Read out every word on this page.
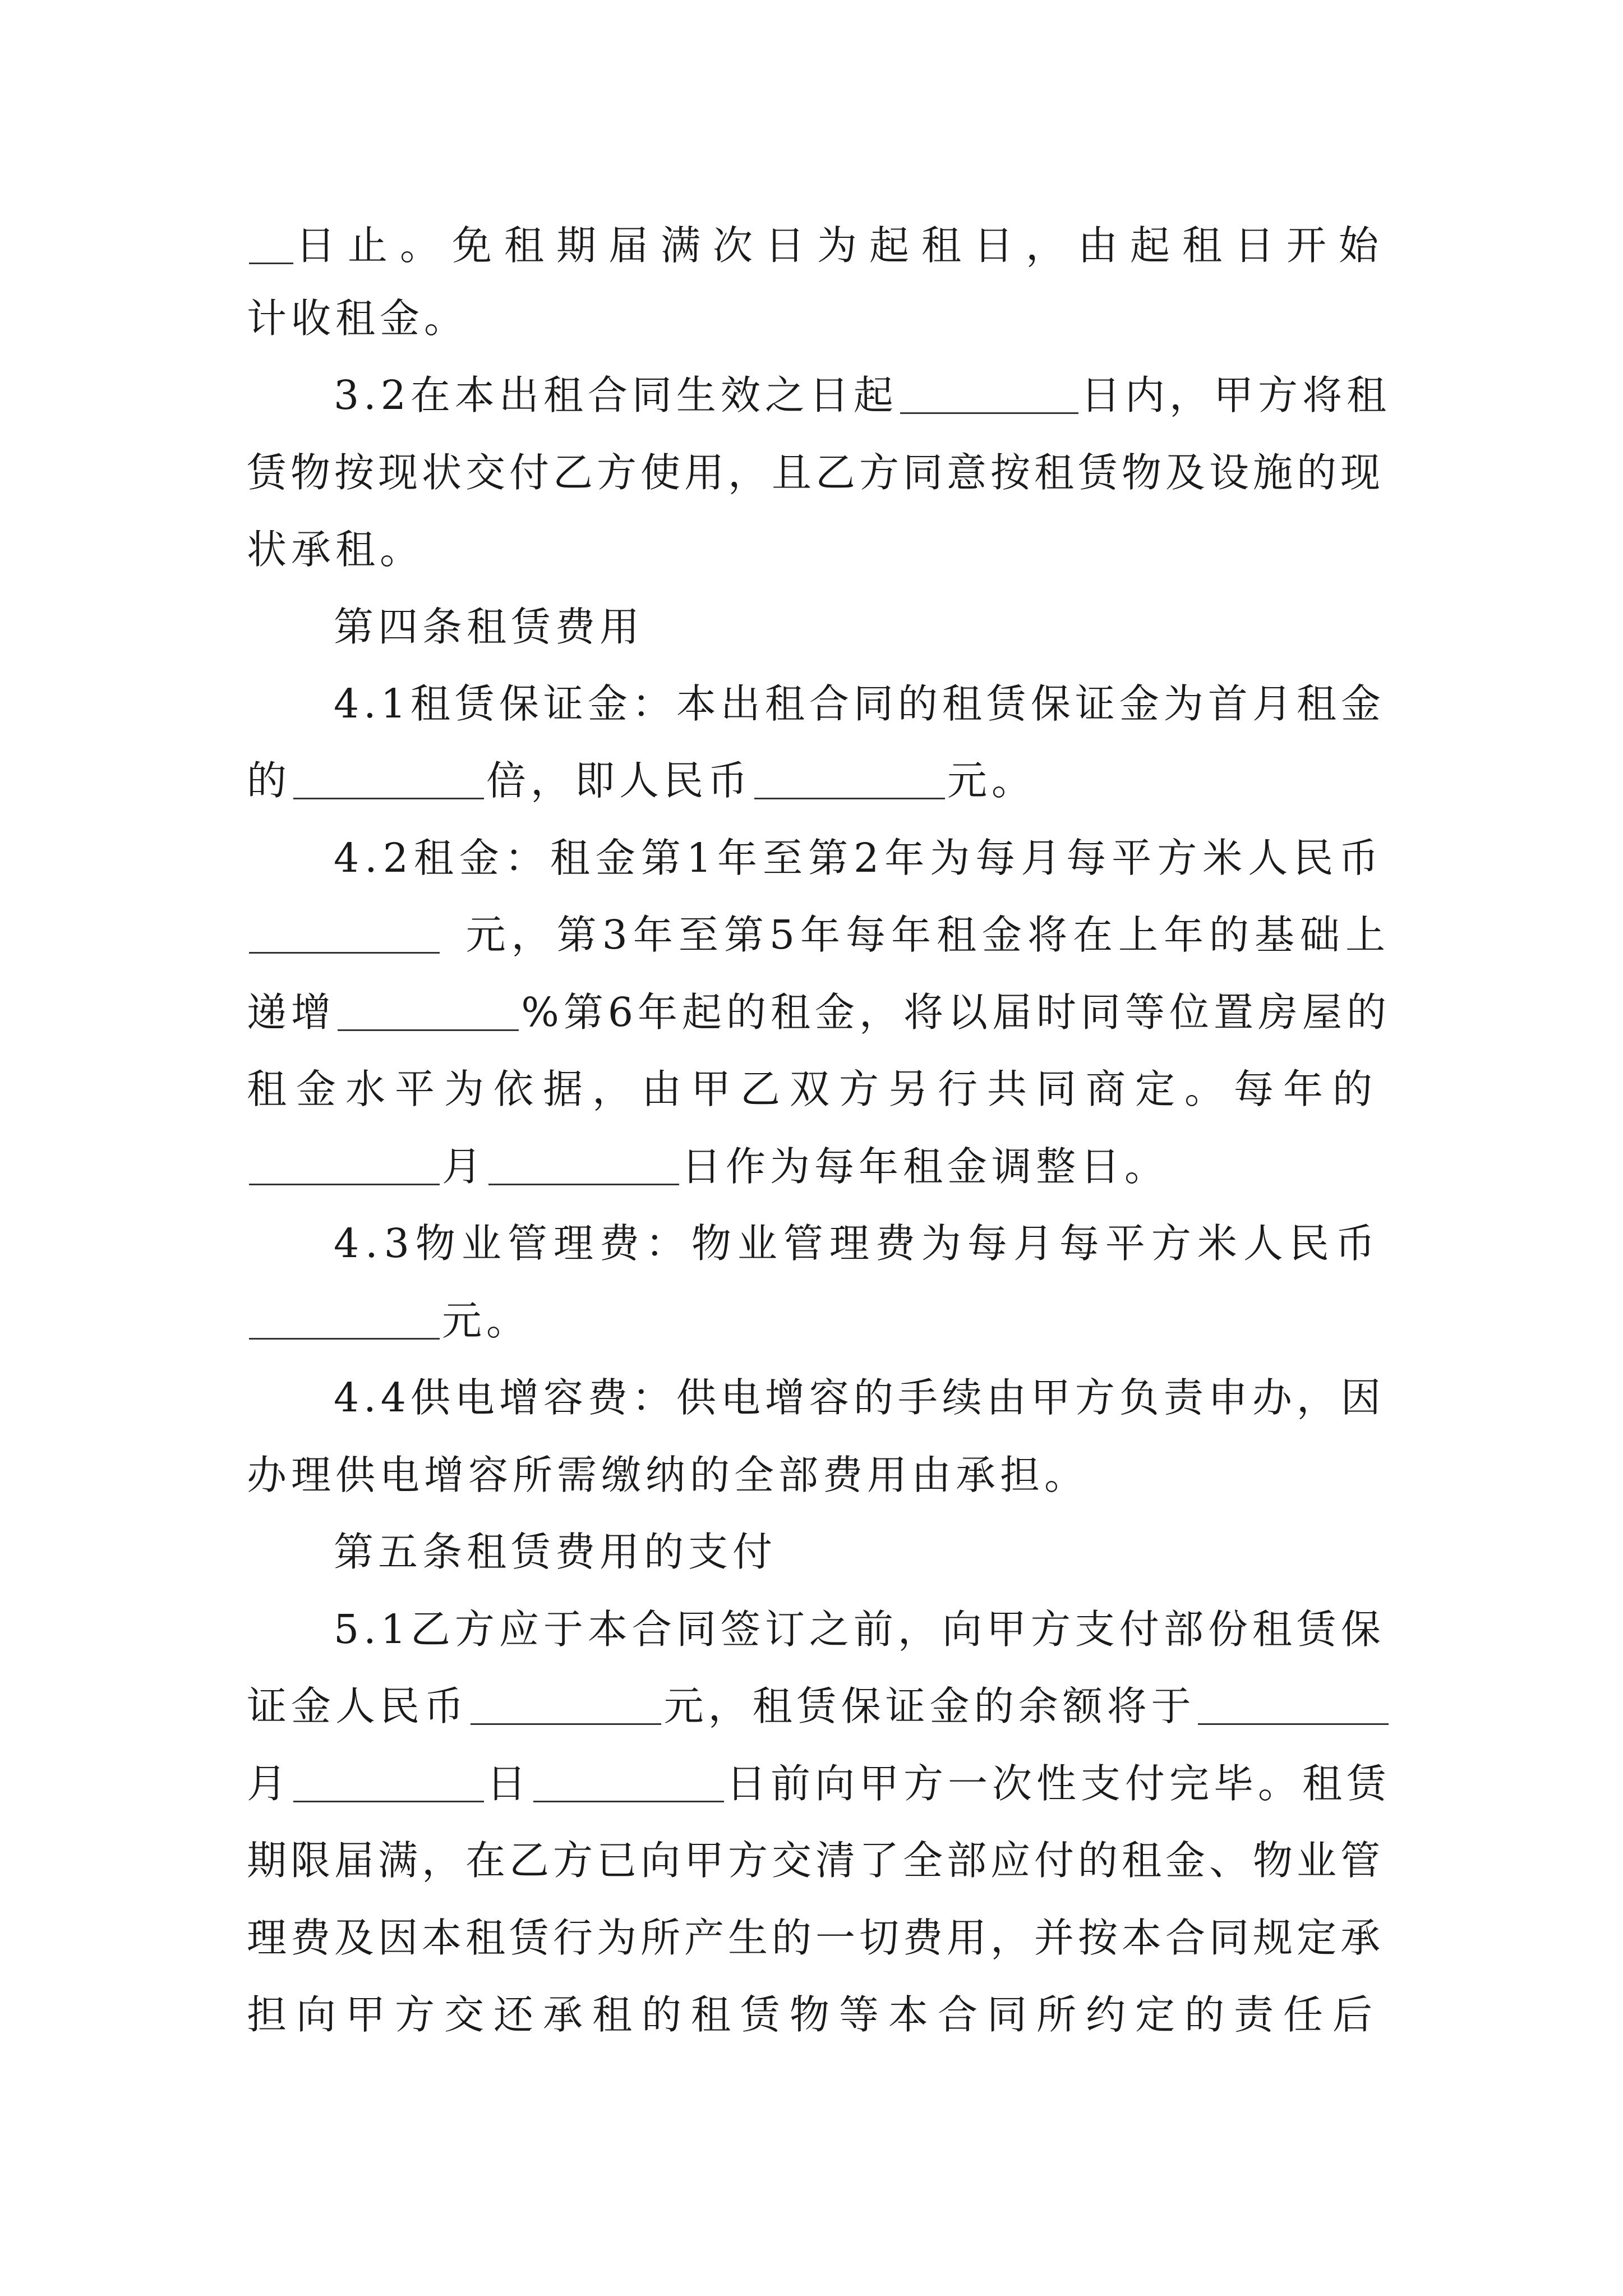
日止。免租期届满次日为起租日，由起租日开始
计收租金。
3.2在本出租合同生效之日起	日内，甲方将租
赁物按现状交付乙方使用，且乙方同意按租赁物及设施的现
状承租。
第四条租赁费用
4.1租赁保证金：本出租合同的租赁保证金为首月租金
的	倍，即人民币	元。
4.2租金：租金第1年至第2年为每月每平方米人民币
元，第3年至第5年每年租金将在上年的基础上
递增	%第6年起的租金，将以届时同等位置房屋的
租金水平为依据，由甲乙双方另行共同商定。每年的
月	日作为每年租金调整日。
4.3物业管理费：物业管理费为每月每平方米人民币
元。
4.4供电增容费：供电增容的手续由甲方负责申办，因
办理供电增容所需缴纳的全部费用由承担。
第五条租赁费用的支付
5.1乙方应于本合同签订之前，向甲方支付部份租赁保
证金人民币	元，租赁保证金的余额将于
月	日	日前向甲方一次性支付完毕。租赁
期限届满，在乙方已向甲方交清了全部应付的租金、物业管
理费及因本租赁行为所产生的一切费用，并按本合同规定承
担向甲方交还承租的租赁物等本合同所约定的责任后
